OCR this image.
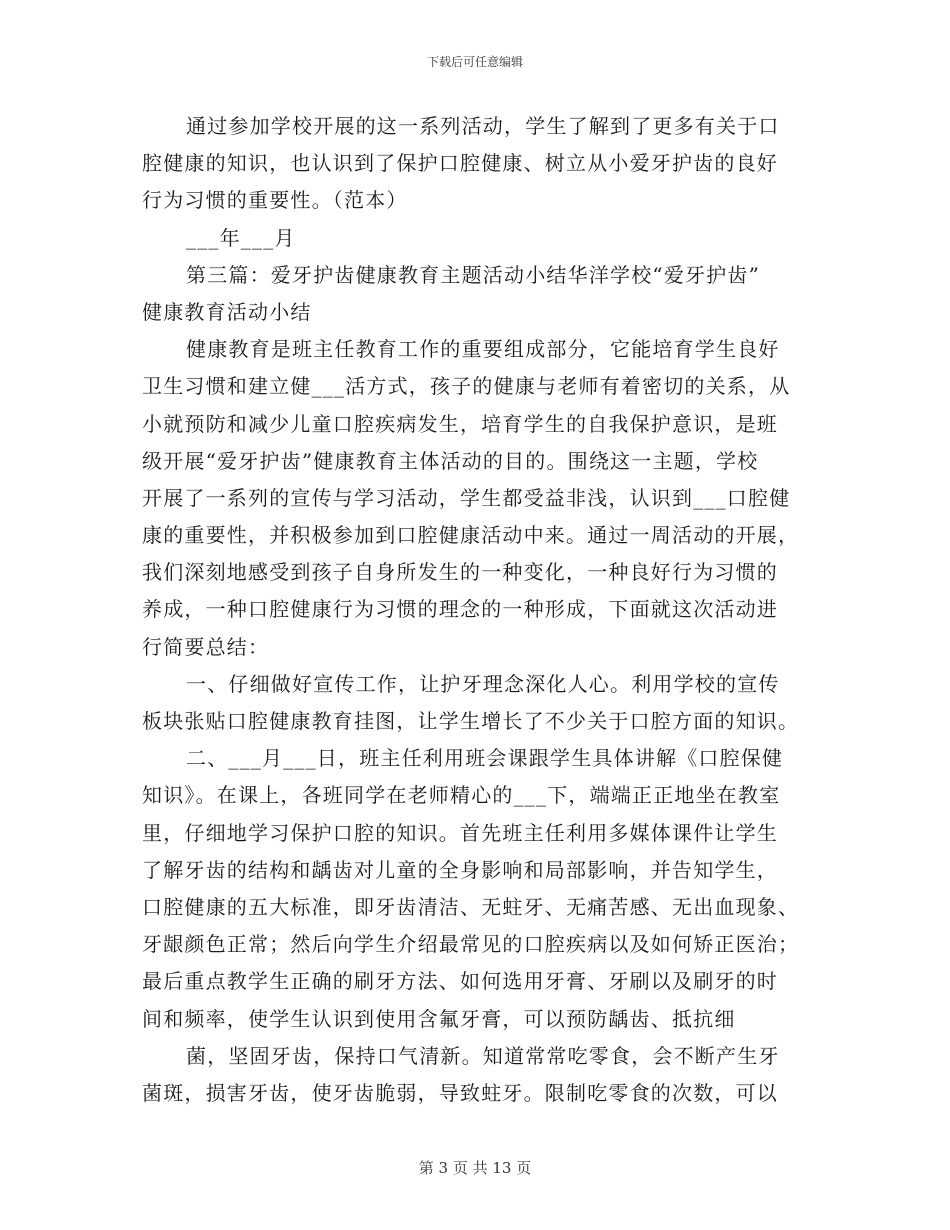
下载后可任意编辑
通过参加学校开展的这一系列活动，学生了解到了更多有关于口
腔健康的知识，也认识到了保护口腔健康、树立从小爱牙护齿的良好
行为习惯的重要性。（范本）
___年___月
第三篇：爱牙护齿健康教育主题活动小结华洋学校“爱牙护齿”
健康教育活动小结
健康教育是班主任教育工作的重要组成部分，它能培育学生良好
卫生习惯和建立健___活方式，孩子的健康与老师有着密切的关系，从
小就预防和减少儿童口腔疾病发生，培育学生的自我保护意识，是班
级开展“爱牙护齿”健康教育主体活动的目的。围绕这一主题，学校
开展了一系列的宣传与学习活动，学生都受益非浅，认识到___口腔健
康的重要性，并积极参加到口腔健康活动中来。通过一周活动的开展，
我们深刻地感受到孩子自身所发生的一种变化，一种良好行为习惯的
养成，一种口腔健康行为习惯的理念的一种形成，下面就这次活动进
行简要总结：
一、仔细做好宣传工作，让护牙理念深化人心。利用学校的宣传
板块张贴口腔健康教育挂图，让学生增长了不少关于口腔方面的知识。
二、___月___日，班主任利用班会课跟学生具体讲解《口腔保健
知识》。在课上，各班同学在老师精心的___下，端端正正地坐在教室
里，仔细地学习保护口腔的知识。首先班主任利用多媒体课件让学生
了解牙齿的结构和龋齿对儿童的全身影响和局部影响，并告知学生，
口腔健康的五大标准，即牙齿清洁、无蛀牙、无痛苦感、无出血现象、
牙龈颜色正常；然后向学生介绍最常见的口腔疾病以及如何矫正医治；
最后重点教学生正确的刷牙方法、如何选用牙膏、牙刷以及刷牙的时
间和频率，使学生认识到使用含氟牙膏，可以预防龋齿、抵抗细
菌，坚固牙齿，保持口气清新。知道常常吃零食，会不断产生牙
菌斑，损害牙齿，使牙齿脆弱，导致蛀牙。限制吃零食的次数，可以
第 3 页 共 13 页
